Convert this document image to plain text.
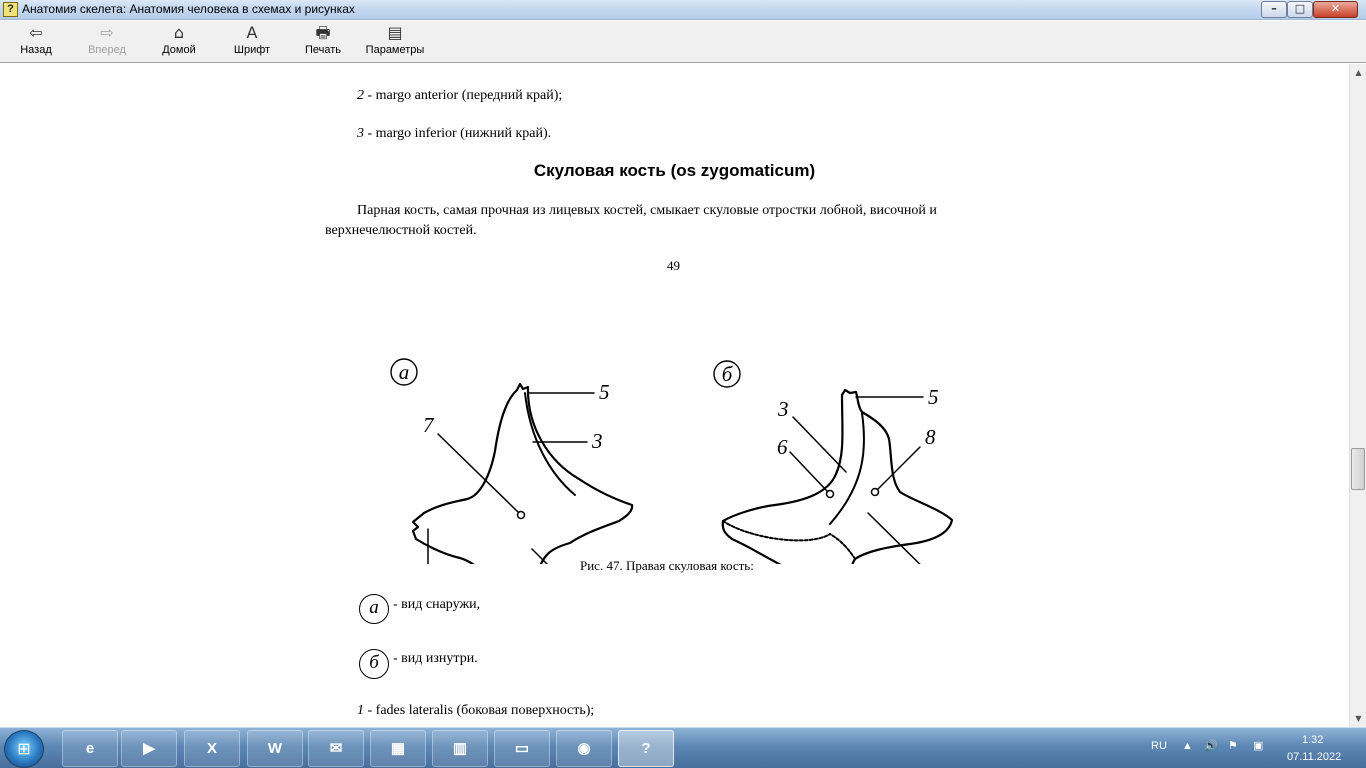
? Анатомия скелета: Анатомия человека в схемах и рисунках	–	□	✕
⇦
Назад
⇨
Вперед
⌂
Домой
A
Шрифт
🖶
Печать
▤
Параметры
2 - margo anterior (передний край);
3 - margo inferior (нижний край).
Скуловая кость (os zygomaticum)
Парная кость, самая прочная из лицевых костей, смыкает скуловые отростки лобной, височной и верхнечелюстной костей.
49
а
5
7
3
б
5
3
6	8
Рис. 47. Правая скуловая кость:
а	- вид снаружи,
б	- вид изнутри.
1 - fades lateralis (боковая поверхность);
▲
▼
⊞	e	▶	X	W	✉	▦	▥	▭	◉	?	RU ▲ 🔊 ⚑ ▣	1:32
07.11.2022
